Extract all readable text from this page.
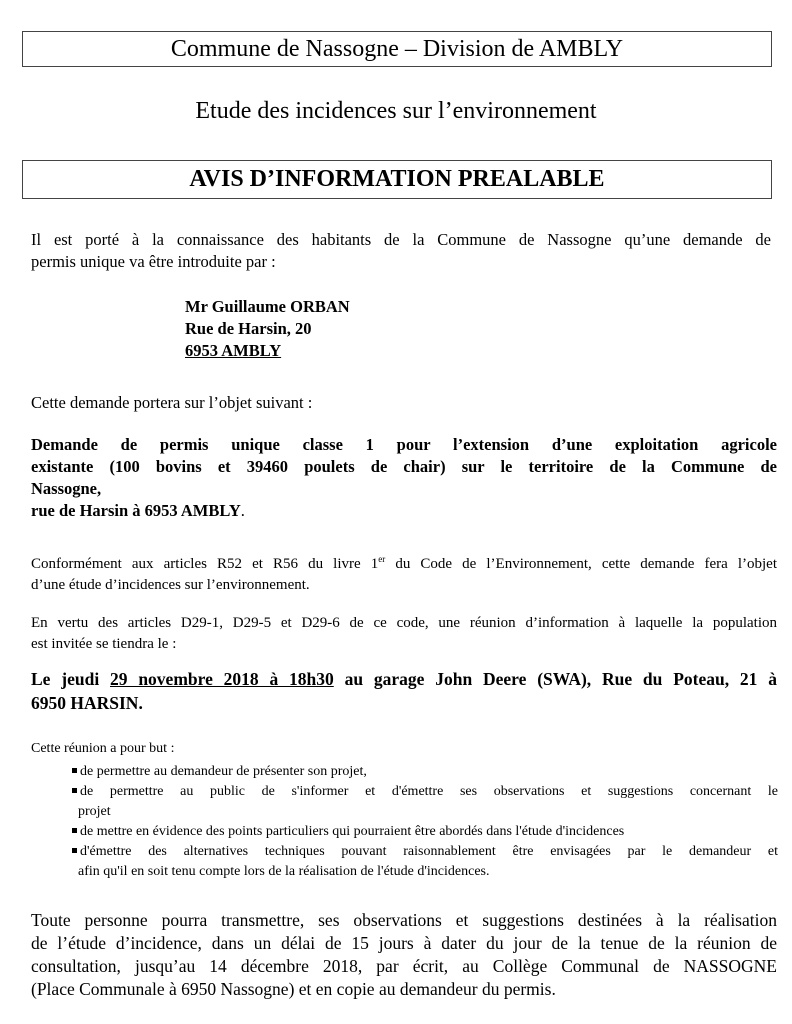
Commune de Nassogne – Division de AMBLY
Etude des incidences sur l’environnement
AVIS D’INFORMATION PREALABLE
Il est porté à la connaissance des habitants de la Commune de Nassogne qu’une demande de
permis unique va être introduite par :
Mr Guillaume ORBAN
Rue de Harsin, 20
6953 AMBLY
Cette demande portera sur l’objet suivant :
Demande de permis unique classe 1 pour l’extension d’une exploitation agricole
existante (100 bovins et 39460 poulets de chair) sur le territoire de la Commune de
Nassogne,
rue de Harsin à 6953 AMBLY.
Conformément aux articles R52 et R56 du livre 1er du Code de l’Environnement, cette demande fera l’objet
d’une étude d’incidences sur l’environnement.
En vertu des articles D29-1, D29-5 et D29-6 de ce code, une réunion d’information à laquelle la population
est invitée se tiendra le :
Le jeudi 29 novembre 2018 à 18h30 au garage John Deere (SWA), Rue du Poteau, 21 à
6950 HARSIN.
Cette réunion a pour but :
de permettre au demandeur de présenter son projet,
de permettre au public de s'informer et d'émettre ses observations et suggestions concernant le
projet
de mettre en évidence des points particuliers qui pourraient être abordés dans l'étude d'incidences
d'émettre des alternatives techniques pouvant raisonnablement être envisagées par le demandeur et
afin qu'il en soit tenu compte lors de la réalisation de l'étude d'incidences.
Toute personne pourra transmettre, ses observations et suggestions destinées à la réalisation
de l’étude d’incidence, dans un délai de 15 jours à dater du jour de la tenue de la réunion de
consultation, jusqu’au 14 décembre 2018, par écrit, au Collège Communal de NASSOGNE
(Place Communale à 6950 Nassogne) et en copie au demandeur du permis.
